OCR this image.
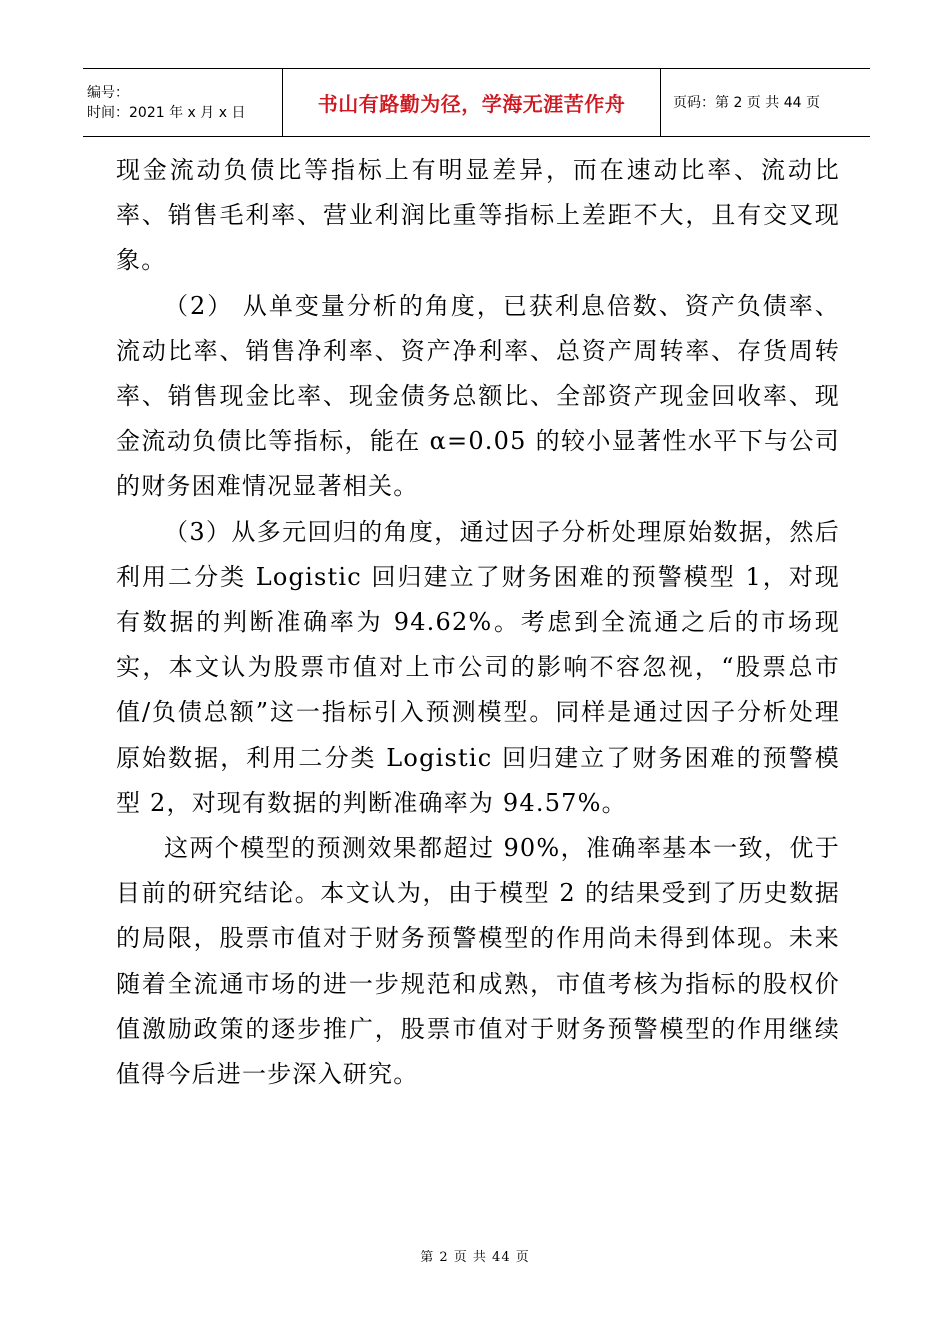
编号：
时间：2021 年 x 月 x 日	书山有路勤为径，学海无涯苦作舟	页码：第 2 页 共 44 页

现金流动负债比等指标上有明显差异，而在速动比率、流动比率、销售毛利率、营业利润比重等指标上差距不大，且有交叉现象。

（2） 从单变量分析的角度，已获利息倍数、资产负债率、流动比率、销售净利率、资产净利率、总资产周转率、存货周转率、销售现金比率、现金债务总额比、全部资产现金回收率、现金流动负债比等指标，能在 α=0.05 的较小显著性水平下与公司的财务困难情况显著相关。

（3）从多元回归的角度，通过因子分析处理原始数据，然后利用二分类 Logistic 回归建立了财务困难的预警模型 1，对现有数据的判断准确率为 94.62%。考虑到全流通之后的市场现实，本文认为股票市值对上市公司的影响不容忽视，“股票总市值/负债总额”这一指标引入预测模型。同样是通过因子分析处理原始数据，利用二分类 Logistic 回归建立了财务困难的预警模型 2，对现有数据的判断准确率为 94.57%。

这两个模型的预测效果都超过 90%，准确率基本一致，优于目前的研究结论。本文认为，由于模型 2 的结果受到了历史数据的局限，股票市值对于财务预警模型的作用尚未得到体现。未来随着全流通市场的进一步规范和成熟，市值考核为指标的股权价值激励政策的逐步推广，股票市值对于财务预警模型的作用继续值得今后进一步深入研究。

第 2 页 共 44 页
